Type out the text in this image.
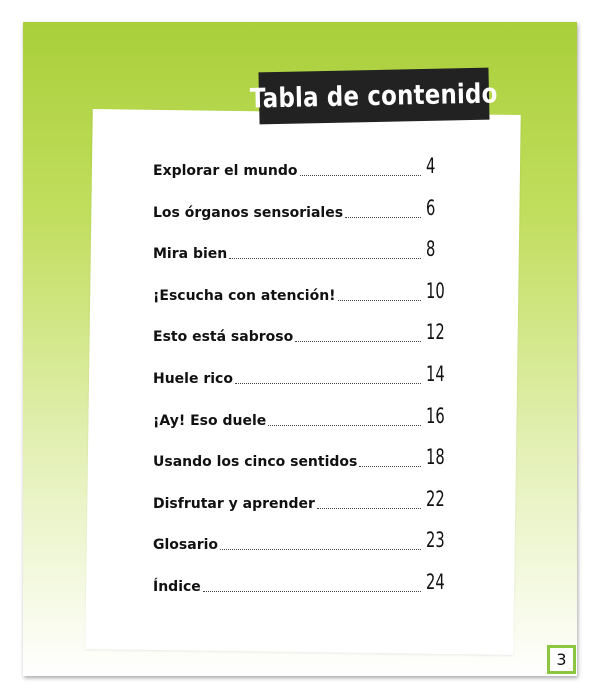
Tabla de contenido
3
Explorar el mundo	4
Los órganos sensoriales	6
Mira bien	8
¡Escucha con atención!	10
Esto está sabroso	12
Huele rico	14
¡Ay! Eso duele	16
Usando los cinco sentidos	18
Disfrutar y aprender	22
Glosario	23
Índice	24
